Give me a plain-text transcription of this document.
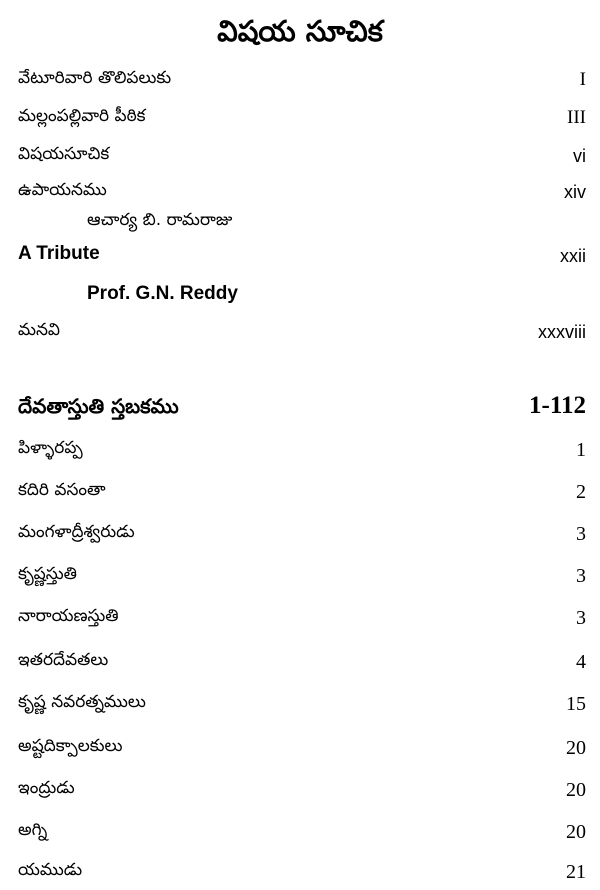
విషయ సూచిక
వేటూరివారి తొలిపలుకు	I
మల్లంపల్లివారి పీఠిక	III
విషయసూచిక	vi
ఉపాయనము	xiv
ఆచార్య బి. రామరాజు
A Tribute	xxii
Prof. G.N. Reddy
మనవి	xxxviii
దేవతాస్తుతి స్తబకము	1-112
పిళ్ళారప్ప	1
కదిరి వసంతా	2
మంగళాద్రీశ్వరుడు	3
కృష్ణస్తుతి	3
నారాయణస్తుతి	3
ఇతరదేవతలు	4
కృష్ణ నవరత్నములు	15
అష్టదిక్పాలకులు	20
ఇంద్రుడు	20
అగ్ని	20
యముడు	21
